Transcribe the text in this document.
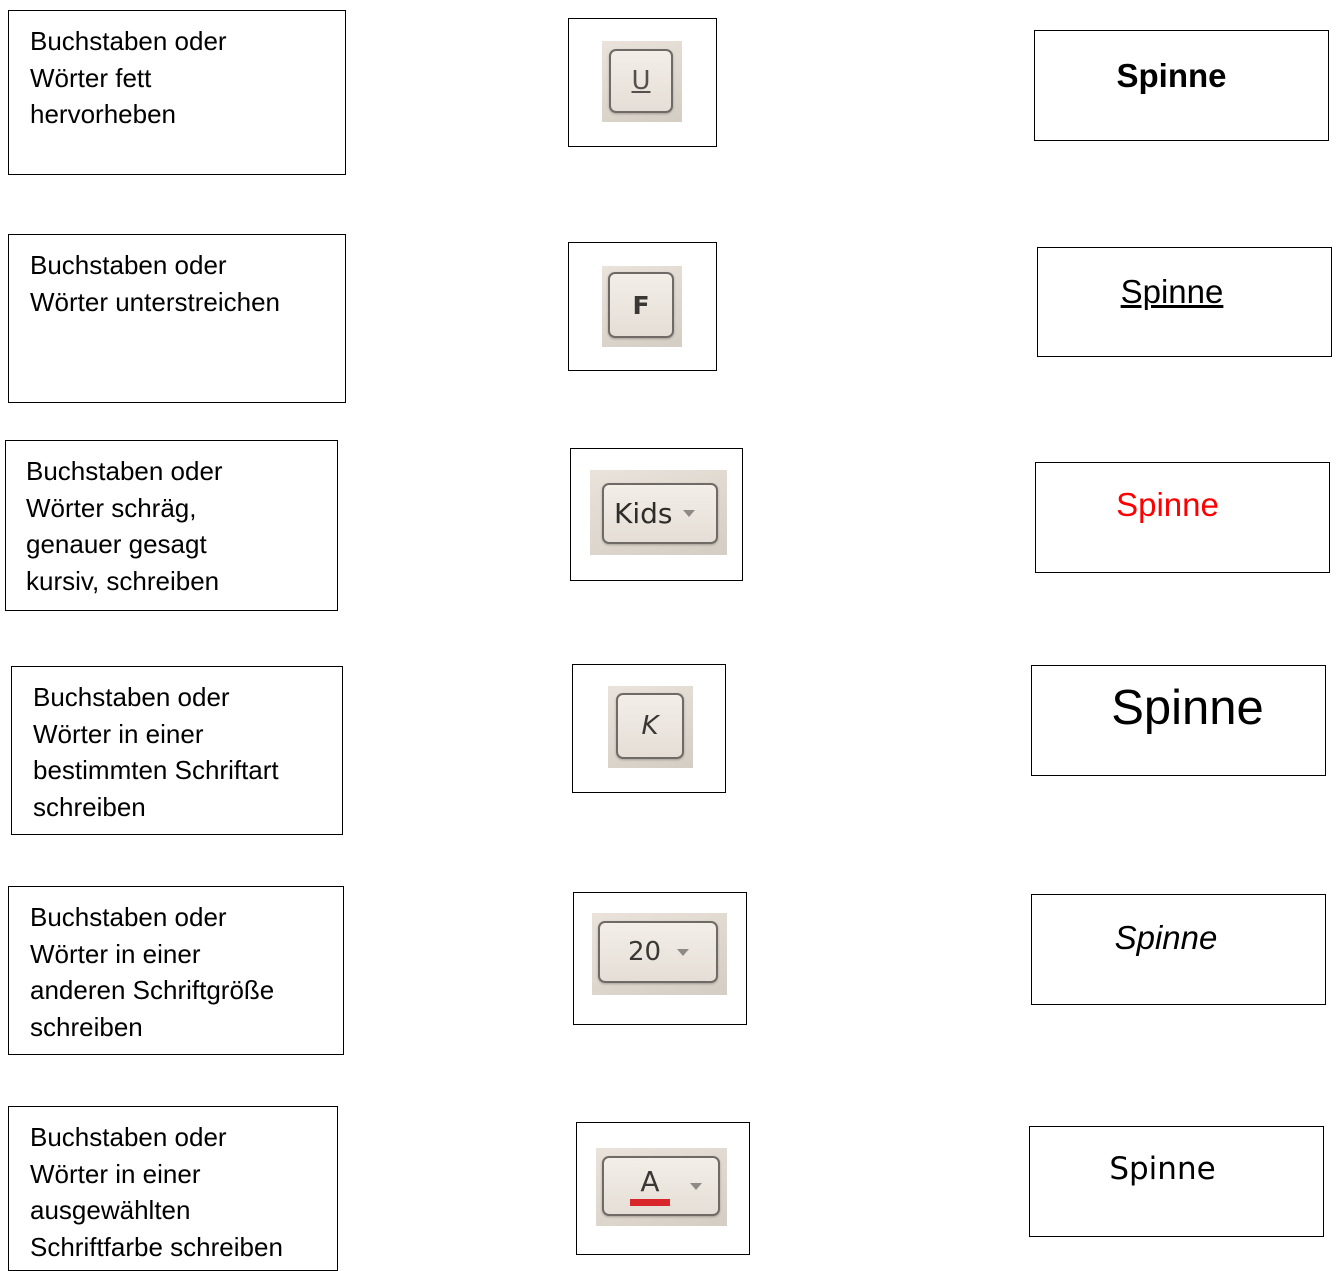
Buchstaben oder
Wörter fett
hervorheben
Buchstaben oder
Wörter unterstreichen
Buchstaben oder
Wörter schräg,
genauer gesagt
kursiv, schreiben
Buchstaben oder
Wörter in einer
bestimmten Schriftart
schreiben
Buchstaben oder
Wörter in einer
anderen Schriftgröße
schreiben
Buchstaben oder
Wörter in einer
ausgewählten
Schriftfarbe schreiben
U
F
Kids
K
20
A
Spinne
Spinne
Spinne
Spinne
Spinne
Spinne
